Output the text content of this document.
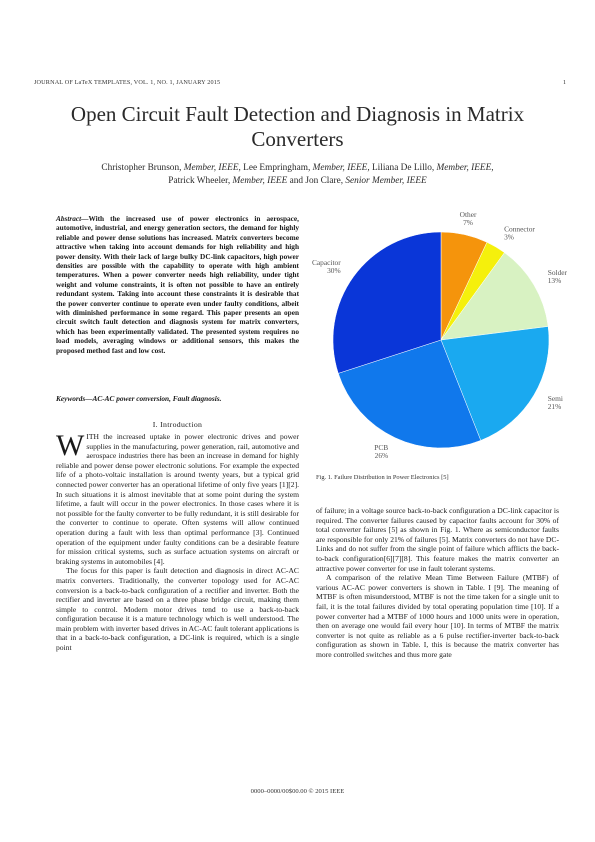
JOURNAL OF LaTeX TEMPLATES, VOL. 1, NO. 1, JANUARY 2015	1
Open Circuit Fault Detection and Diagnosis in Matrix Converters
Christopher Brunson, Member, IEEE, Lee Empringham, Member, IEEE, Liliana De Lillo, Member, IEEE,
Patrick Wheeler, Member, IEEE and Jon Clare, Senior Member, IEEE
Abstract—With the increased use of power electronics in aerospace, automotive, industrial, and energy generation sectors, the demand for highly reliable and power dense solutions has increased. Matrix converters become attractive when taking into account demands for high reliability and high power density. With their lack of large bulky DC-link capacitors, high power densities are possible with the capability to operate with high ambient temperatures. When a power converter needs high reliability, under tight weight and volume constraints, it is often not possible to have an entirely redundant system. Taking into account these constraints it is desirable that the power converter continue to operate even under faulty conditions, albeit with diminished performance in some regard. This paper presents an open circuit switch fault detection and diagnosis system for matrix converters, which has been experimentally validated. The presented system requires no load models, averaging windows or additional sensors, this makes the proposed method fast and low cost.
Keywords—AC-AC power conversion, Fault diagnosis.
I. Introduction

WITH the increased uptake in power electronic drives and power supplies in the manufacturing, power generation, rail, automotive and aerospace industries there has been an increase in demand for highly reliable and power dense power electronic solutions. For example the expected life of a photo-voltaic installation is around twenty years, but a typical grid connected power converter has an operational lifetime of only five years [1][2]. In such situations it is almost inevitable that at some point during the system lifetime, a fault will occur in the power electronics. In those cases where it is not possible for the faulty converter to be fully redundant, it is still desirable for the converter to continue to operate. Often systems will allow continued operation during a fault with less than optimal performance [3]. Continued operation of the equipment under faulty conditions can be a desirable feature for mission critical systems, such as surface actuation systems on aircraft or braking systems in automobiles [4].

The focus for this paper is fault detection and diagnosis in direct AC-AC matrix converters. Traditionally, the converter topology used for AC-AC conversion is a back-to-back configuration of a rectifier and inverter. Both the rectifier and inverter are based on a three phase bridge circuit, making them simple to control. Modern motor drives tend to use a back-to-back configuration because it is a mature technology which is well understood. The main problem with inverter based drives in AC-AC fault tolerant applications is that in a back-to-back configuration, a DC-link is required, which is a single point

Other
7%
Connector
3%
Solder
13%
Semi
21%
PCB
26%
Capacitor
30%
Fig. 1. Failure Distribution in Power Electronics [5]

of failure; in a voltage source back-to-back configuration a DC-link capacitor is required. The converter failures caused by capacitor faults account for 30% of total converter failures [5] as shown in Fig. 1. Where as semiconductor faults are responsible for only 21% of failures [5]. Matrix converters do not have DC-Links and do not suffer from the single point of failure which afflicts the back-to-back configuration[6][7][8]. This feature makes the matrix converter an attractive power converter for use in fault tolerant systems.

A comparison of the relative Mean Time Between Failure (MTBF) of various AC-AC power converters is shown in Table. I [9]. The meaning of MTBF is often misunderstood, MTBF is not the time taken for a single unit to fail, it is the total failures divided by total operating population time [10]. If a power converter had a MTBF of 1000 hours and 1000 units were in operation, then on average one would fail every hour [10]. In terms of MTBF the matrix converter is not quite as reliable as a 6 pulse rectifier-inverter back-to-back configuration as shown in Table. I, this is because the matrix converter has more controlled switches and thus more gate

0000–0000/00$00.00 © 2015 IEEE
